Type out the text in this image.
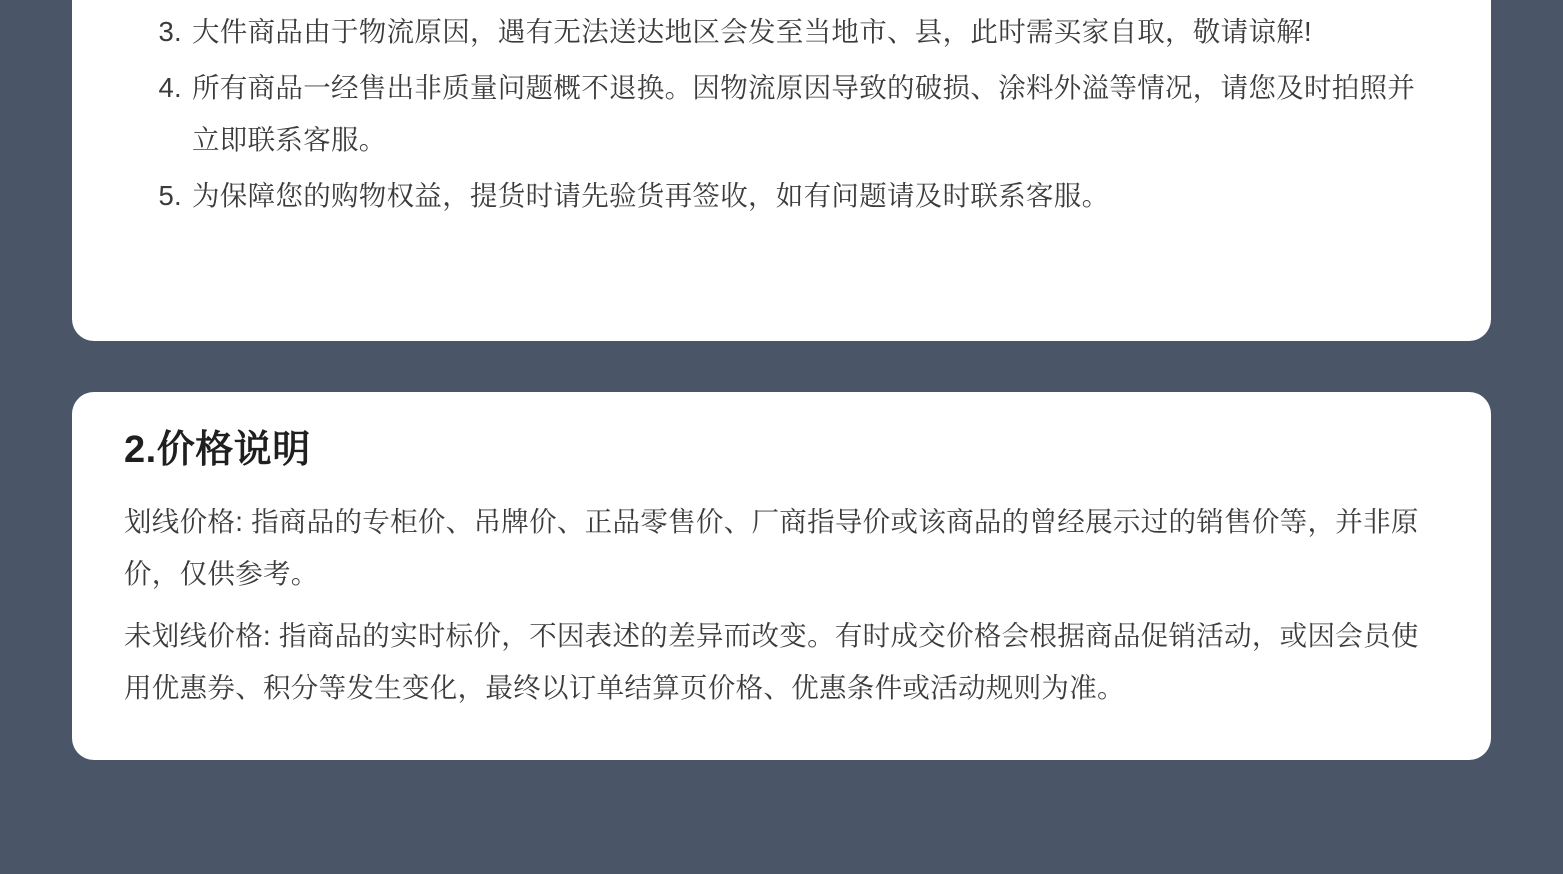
3. 大件商品由于物流原因，遇有无法送达地区会发至当地市、县，此时需买家自取，敬请谅解!
4. 所有商品一经售出非质量问题概不退换。因物流原因导致的破损、涂料外溢等情况，请您及时拍照并立即联系客服。
5. 为保障您的购物权益，提货时请先验货再签收，如有问题请及时联系客服。
2.价格说明

划线价格: 指商品的专柜价、吊牌价、正品零售价、厂商指导价或该商品的曾经展示过的销售价等，并非原价，仅供参考。

未划线价格: 指商品的实时标价，不因表述的差异而改变。有时成交价格会根据商品促销活动，或因会员使用优惠券、积分等发生变化，最终以订单结算页价格、优惠条件或活动规则为准。
